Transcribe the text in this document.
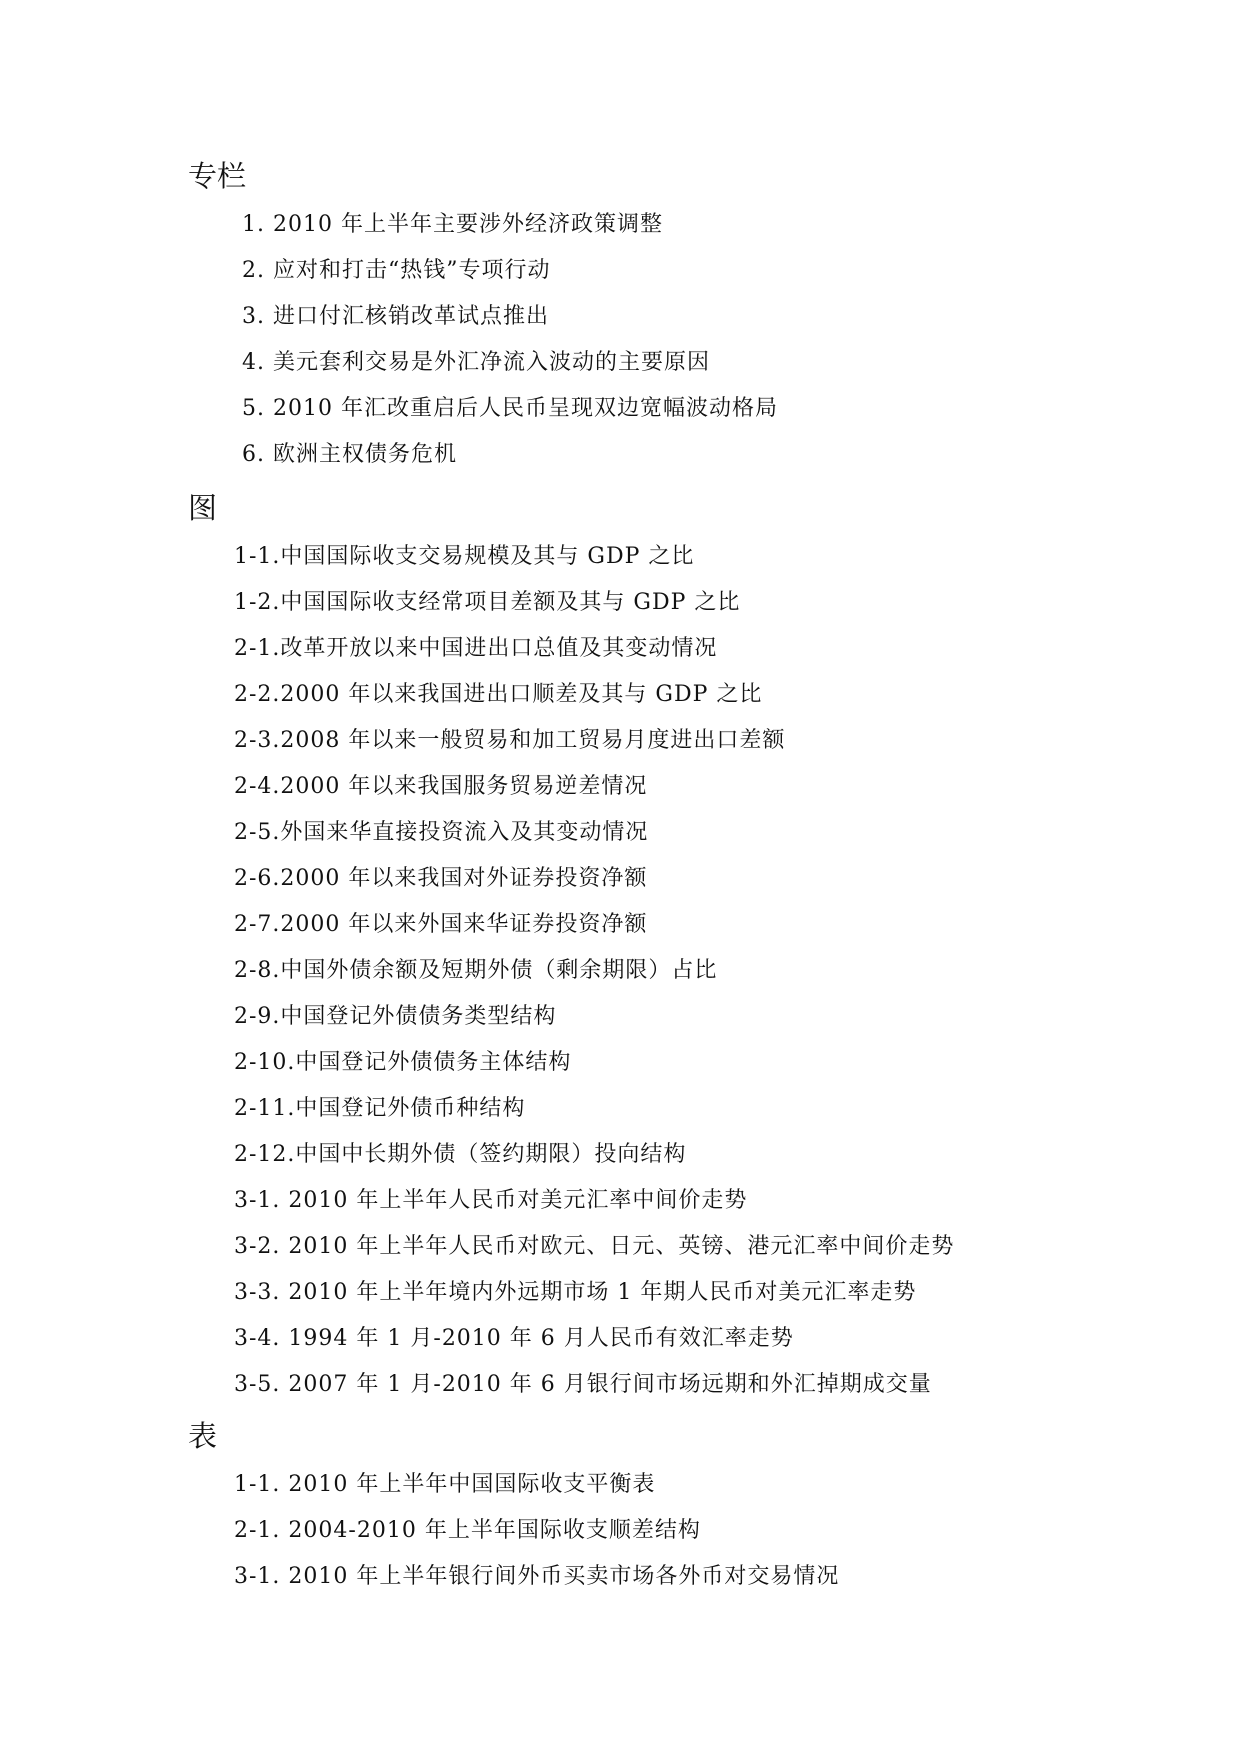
专栏
1. 2010 年上半年主要涉外经济政策调整
2. 应对和打击“热钱”专项行动
3. 进口付汇核销改革试点推出
4. 美元套利交易是外汇净流入波动的主要原因
5. 2010 年汇改重启后人民币呈现双边宽幅波动格局
6. 欧洲主权债务危机
图
1-1.中国国际收支交易规模及其与 GDP 之比
1-2.中国国际收支经常项目差额及其与 GDP 之比
2-1.改革开放以来中国进出口总值及其变动情况
2-2.2000 年以来我国进出口顺差及其与 GDP 之比
2-3.2008 年以来一般贸易和加工贸易月度进出口差额
2-4.2000 年以来我国服务贸易逆差情况
2-5.外国来华直接投资流入及其变动情况
2-6.2000 年以来我国对外证券投资净额
2-7.2000 年以来外国来华证券投资净额
2-8.中国外债余额及短期外债（剩余期限）占比
2-9.中国登记外债债务类型结构
2-10.中国登记外债债务主体结构
2-11.中国登记外债币种结构
2-12.中国中长期外债（签约期限）投向结构
3-1. 2010 年上半年人民币对美元汇率中间价走势
3-2. 2010 年上半年人民币对欧元、日元、英镑、港元汇率中间价走势
3-3. 2010 年上半年境内外远期市场 1 年期人民币对美元汇率走势
3-4. 1994 年 1 月-2010 年 6 月人民币有效汇率走势
3-5. 2007 年 1 月-2010 年 6 月银行间市场远期和外汇掉期成交量
表
1-1. 2010 年上半年中国国际收支平衡表
2-1. 2004-2010 年上半年国际收支顺差结构
3-1. 2010 年上半年银行间外币买卖市场各外币对交易情况
